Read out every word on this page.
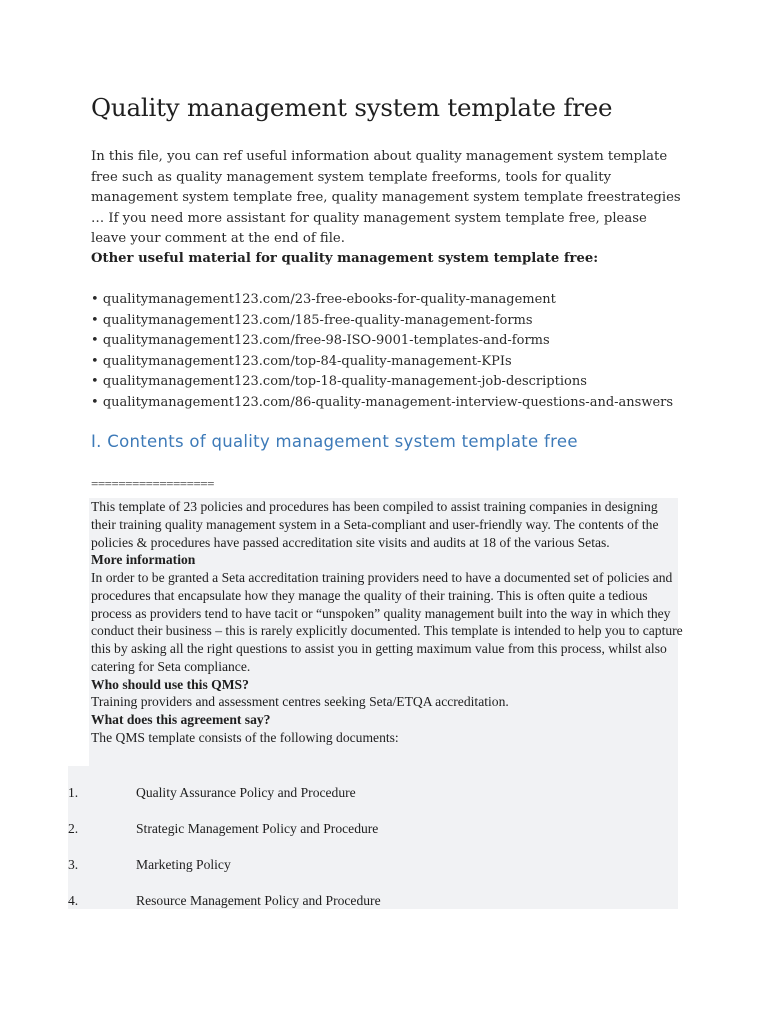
Quality management system template free

In this file, you can ref useful information about quality management system template free such as quality management system template freeforms, tools for quality management system template free, quality management system template freestrategies … If you need more assistant for quality management system template free, please leave your comment at the end of file.

Other useful material for quality management system template free:

• qualitymanagement123.com/23-free-ebooks-for-quality-management
• qualitymanagement123.com/185-free-quality-management-forms
• qualitymanagement123.com/free-98-ISO-9001-templates-and-forms
• qualitymanagement123.com/top-84-quality-management-KPIs
• qualitymanagement123.com/top-18-quality-management-job-descriptions
• qualitymanagement123.com/86-quality-management-interview-questions-and-answers
I. Contents of quality management system template free
==================

This template of 23 policies and procedures has been compiled to assist training companies in designing their training quality management system in a Seta-compliant and user-friendly way. The contents of the policies & procedures have passed accreditation site visits and audits at 18 of the various Setas.

More information

In order to be granted a Seta accreditation training providers need to have a documented set of policies and procedures that encapsulate how they manage the quality of their training. This is often quite a tedious process as providers tend to have tacit or “unspoken” quality management built into the way in which they conduct their business – this is rarely explicitly documented. This template is intended to help you to capture this by asking all the right questions to assist you in getting maximum value from this process, whilst also catering for Seta compliance.

Who should use this QMS?

Training providers and assessment centres seeking Seta/ETQA accreditation.

What does this agreement say?

The QMS template consists of the following documents:

1.	Quality Assurance Policy and Procedure
2.	Strategic Management Policy and Procedure
3.	Marketing Policy
4.	Resource Management Policy and Procedure
